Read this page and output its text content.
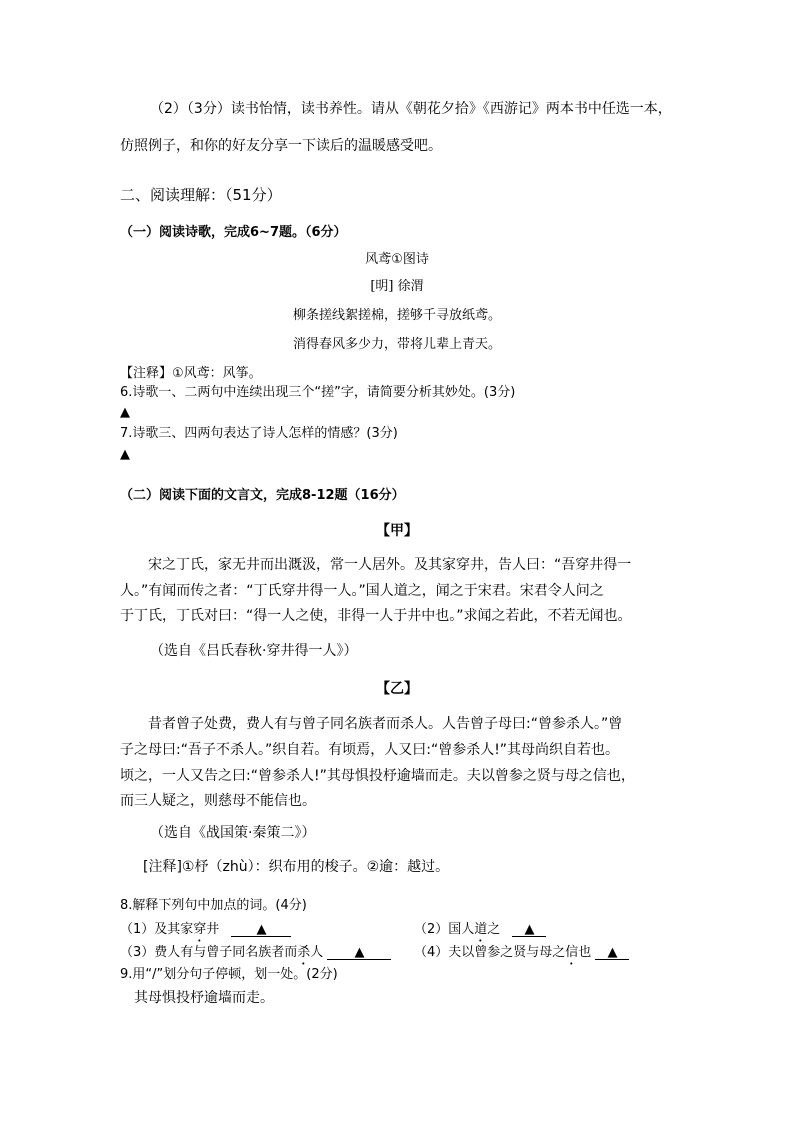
（2）（3分）读书怡情，读书养性。请从《朝花夕拾》《西游记》两本书中任选一本，
仿照例子，和你的好友分享一下读后的温暖感受吧。
二、阅读理解：（51分）
（一）阅读诗歌，完成6~7题。（6分）
风鸢①图诗
[明] 徐渭
柳条搓线絮搓棉，搓够千寻放纸鸢。
消得春风多少力，带将儿辈上青天。
【注释】①风鸢：风筝。
6.诗歌一、二两句中连续出现三个“搓”字，请简要分析其妙处。(3分)
▲
7.诗歌三、四两句表达了诗人怎样的情感？(3分)
▲
（二）阅读下面的文言文，完成8-12题（16分）
【甲】
宋之丁氏，家无井而出溉汲，常一人居外。及其家穿井，告人曰：“吾穿井得一
人。”有闻而传之者：“丁氏穿井得一人。”国人道之，闻之于宋君。宋君令人问之
于丁氏，丁氏对曰：“得一人之使，非得一人于井中也。”求闻之若此，不若无闻也。
（选自《吕氏春秋·穿井得一人》）
【乙】
昔者曾子处费，费人有与曾子同名族者而杀人。人告曾子母曰:“曾参杀人。”曾
子之母曰:“吾子不杀人。”织自若。有顷焉，人又曰:“曾参杀人!”其母尚织自若也。
顷之，一人又告之曰:“曾参杀人!”其母惧投杼逾墙而走。夫以曾参之贤与母之信也，
而三人疑之，则慈母不能信也。
（选自《战国策·秦策二》）
[注释]①杼（zhù）：织布用的梭子。②逾：越过。
8.解释下列句中加点的词。(4分)
（1）及其家穿井	▲	（2）国人道之 ▲
（3）费人有与曾子同名族者而杀人 ▲	（4）夫以曾参之贤与母之信也 ▲
9.用“/”划分句子停顿，划一处。(2分)
其母惧投杼逾墙而走。
